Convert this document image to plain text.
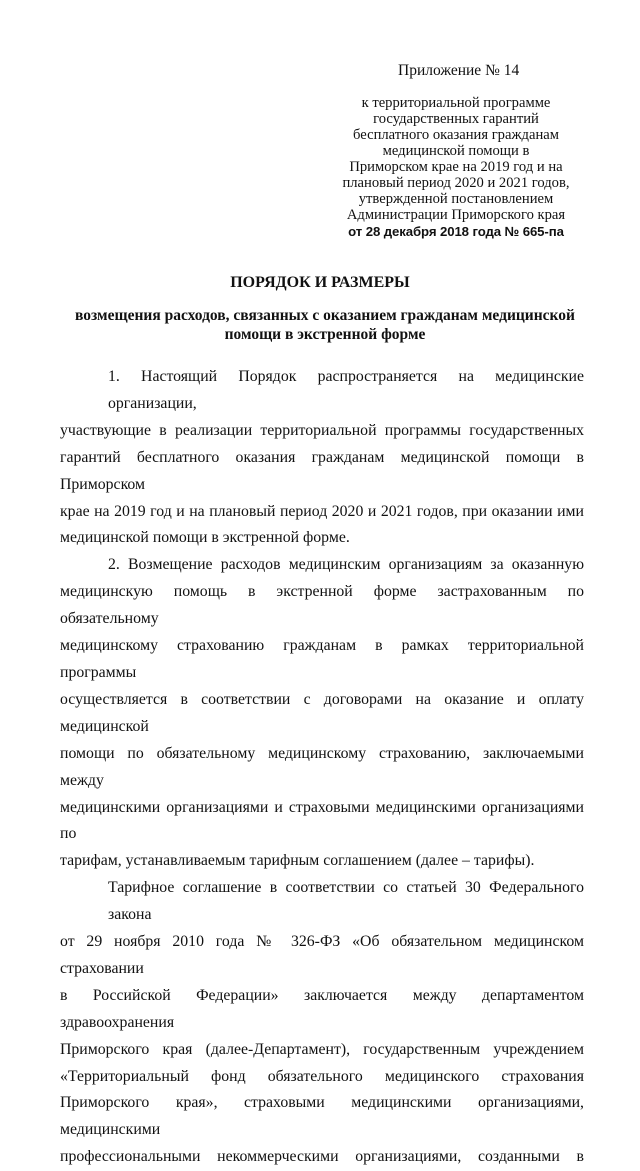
Приложение № 14
к территориальной программе
государственных гарантий
бесплатного оказания гражданам
медицинской помощи в
Приморском крае на 2019 год и на
плановый период 2020 и 2021 годов,
утвержденной постановлением
Администрации Приморского края
от 28 декабря 2018 года № 665-па
ПОРЯДОК И РАЗМЕРЫ
возмещения расходов, связанных с оказанием гражданам медицинской
помощи в экстренной форме
1. Настоящий Порядок распространяется на медицинские организации,
участвующие в реализации территориальной программы государственных
гарантий бесплатного оказания гражданам медицинской помощи в Приморском
крае на 2019 год и на плановый период 2020 и 2021 годов, при оказании ими
медицинской помощи в экстренной форме.
2. Возмещение расходов медицинским организациям за оказанную
медицинскую помощь в экстренной форме застрахованным по обязательному
медицинскому страхованию гражданам в рамках территориальной программы
осуществляется в соответствии с договорами на оказание и оплату медицинской
помощи по обязательному медицинскому страхованию, заключаемыми между
медицинскими организациями и страховыми медицинскими организациями по
тарифам, устанавливаемым тарифным соглашением (далее – тарифы).
Тарифное соглашение в соответствии со статьей 30 Федерального закона
от 29 ноября 2010 года № 326-ФЗ «Об обязательном медицинском страховании
в Российской Федерации» заключается между департаментом здравоохранения
Приморского края (далее-Департамент), государственным учреждением
«Территориальный фонд обязательного медицинского страхования
Приморского края», страховыми медицинскими организациями, медицинскими
профессиональными некоммерческими организациями, созданными в
